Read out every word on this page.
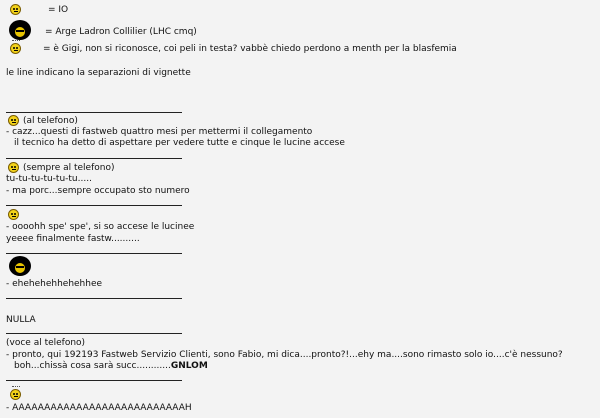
= IO
= Arge Ladron Collilier (LHC cmq)
= è Gigi, non si riconosce, coi peli in testa? vabbè chiedo perdono a menth per la blasfemia
le line indicano la separazioni di vignette
(al telefono)
- cazz...questi di fastweb quattro mesi per mettermi il collegamento
il tecnico ha detto di aspettare per vedere tutte e cinque le lucine accese
(sempre al telefono)
tu-tu-tu-tu-tu-tu.....
- ma porc...sempre occupato sto numero
- oooohh spe' spe', si so accese le lucinee
yeeee finalmente fastw..........
- ehehehehhehehhee
NULLA
(voce al telefono)
- pronto, qui 192193 Fastweb Servizio Clienti, sono Fabio, mi dica....pronto?!...ehy ma....sono rimasto solo io....c'è nessuno?
boh...chissà cosa sarà succ............GNLOM
- AAAAAAAAAAAAAAAAAAAAAAAAAAAH
